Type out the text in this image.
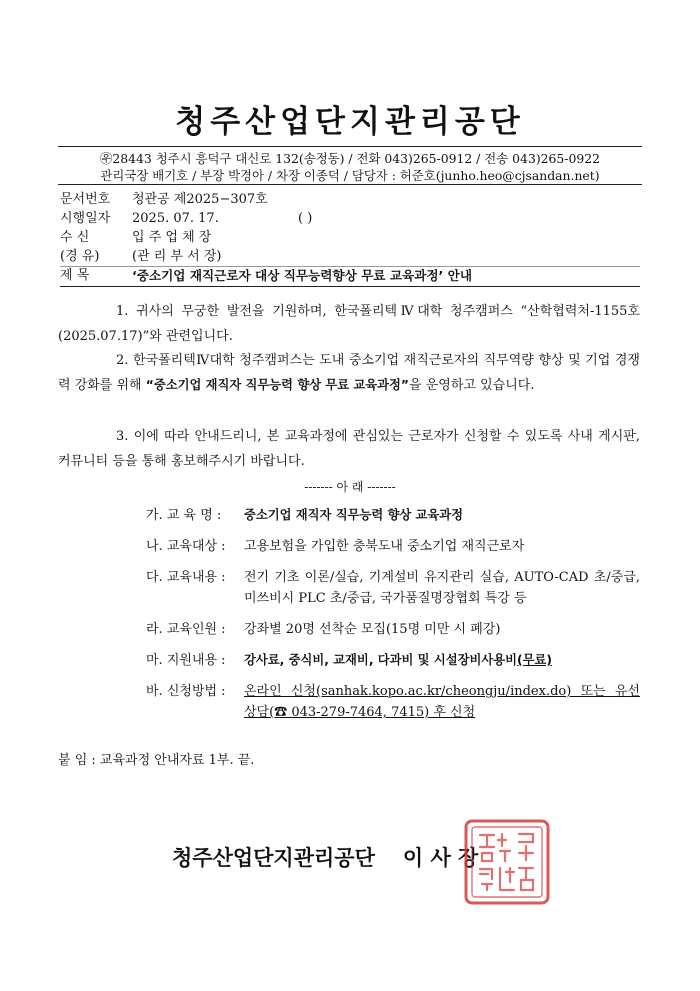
청주산업단지관리공단
㉾28443 청주시 흥덕구 대신로 132(송정동) / 전화 043)265-0912 / 전송 043)265-0922
관리국장 배기호 / 부장 박경아 / 차장 이종덕 / 담당자 : 허준호(junho.heo@cjsandan.net)
문서번호	청관공 제2025−307호
시행일자	2025. 07. 17.	( )
수 신	입 주 업 체 장
(경 유)	(관 리 부 서 장)
제 목	‘중소기업 재직근로자 대상 직무능력향상 무료 교육과정’ 안내
1. 귀사의 무궁한 발전을 기원하며, 한국폴리텍Ⅳ대학 청주캠퍼스 “산학협력처-1155호(2025.07.17)”와 관련입니다.
2. 한국폴리텍Ⅳ대학 청주캠퍼스는 도내 중소기업 재직근로자의 직무역량 향상 및 기업 경쟁력 강화를 위해 “중소기업 재직자 직무능력 향상 무료 교육과정”을 운영하고 있습니다.
3. 이에 따라 안내드리니, 본 교육과정에 관심있는 근로자가 신청할 수 있도록 사내 게시판, 커뮤니티 등을 통해 홍보해주시기 바랍니다.
------- 아 래 -------
가. 교 육 명 :	중소기업 재직자 직무능력 향상 교육과정
나. 교육대상 :	고용보험을 가입한 충북도내 중소기업 재직근로자
다. 교육내용 :	전기 기초 이론/실습, 기계설비 유지관리 실습, AUTO-CAD 초/중급, 미쓰비시 PLC 초/중급, 국가품질명장협회 특강 등
라. 교육인원 :	강좌별 20명 선착순 모집(15명 미만 시 폐강)
마. 지원내용 :	강사료, 중식비, 교재비, 다과비 및 시설장비사용비(무료)
바. 신청방법 :	온라인 신청(sanhak.kopo.ac.kr/cheongju/index.do) 또는 유선 상담(☎ 043-279-7464, 7415) 후 신청
붙 임 : 교육과정 안내자료 1부. 끝.
청주산업단지관리공단 이 사 장
